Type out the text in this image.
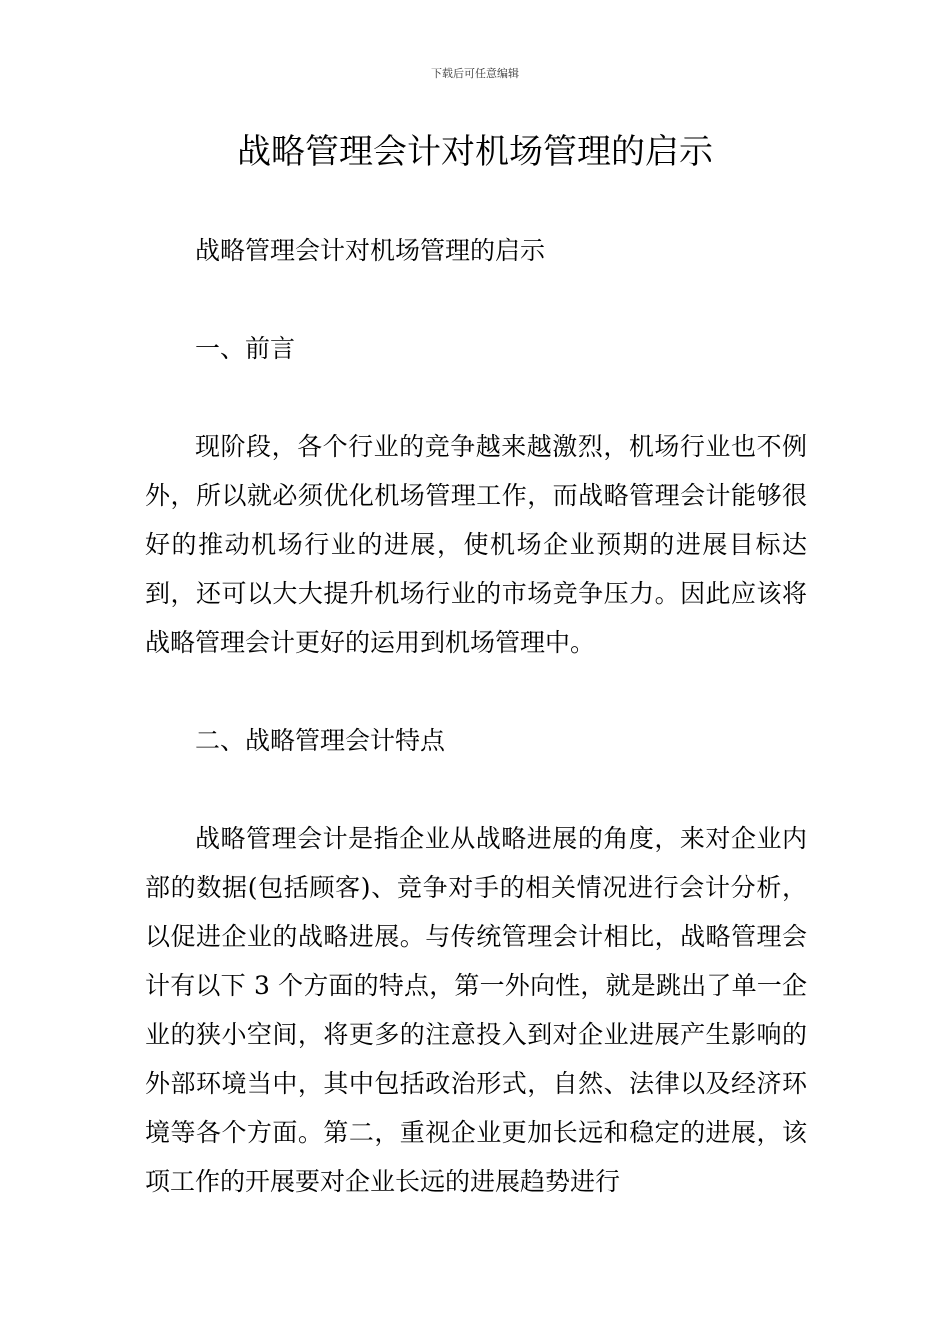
下载后可任意编辑
战略管理会计对机场管理的启示

战略管理会计对机场管理的启示

一、前言

现阶段，各个行业的竞争越来越激烈，机场行业也不例外，所以就必须优化机场管理工作，而战略管理会计能够很好的推动机场行业的进展，使机场企业预期的进展目标达到，还可以大大提升机场行业的市场竞争压力。因此应该将战略管理会计更好的运用到机场管理中。

二、战略管理会计特点

战略管理会计是指企业从战略进展的角度，来对企业内部的数据(包括顾客)、竞争对手的相关情况进行会计分析，以促进企业的战略进展。与传统管理会计相比，战略管理会计有以下 3 个方面的特点，第一外向性，就是跳出了单一企业的狭小空间，将更多的注意投入到对企业进展产生影响的外部环境当中，其中包括政治形式，自然、法律以及经济环境等各个方面。第二，重视企业更加长远和稳定的进展，该项工作的开展要对企业长远的进展趋势进行
